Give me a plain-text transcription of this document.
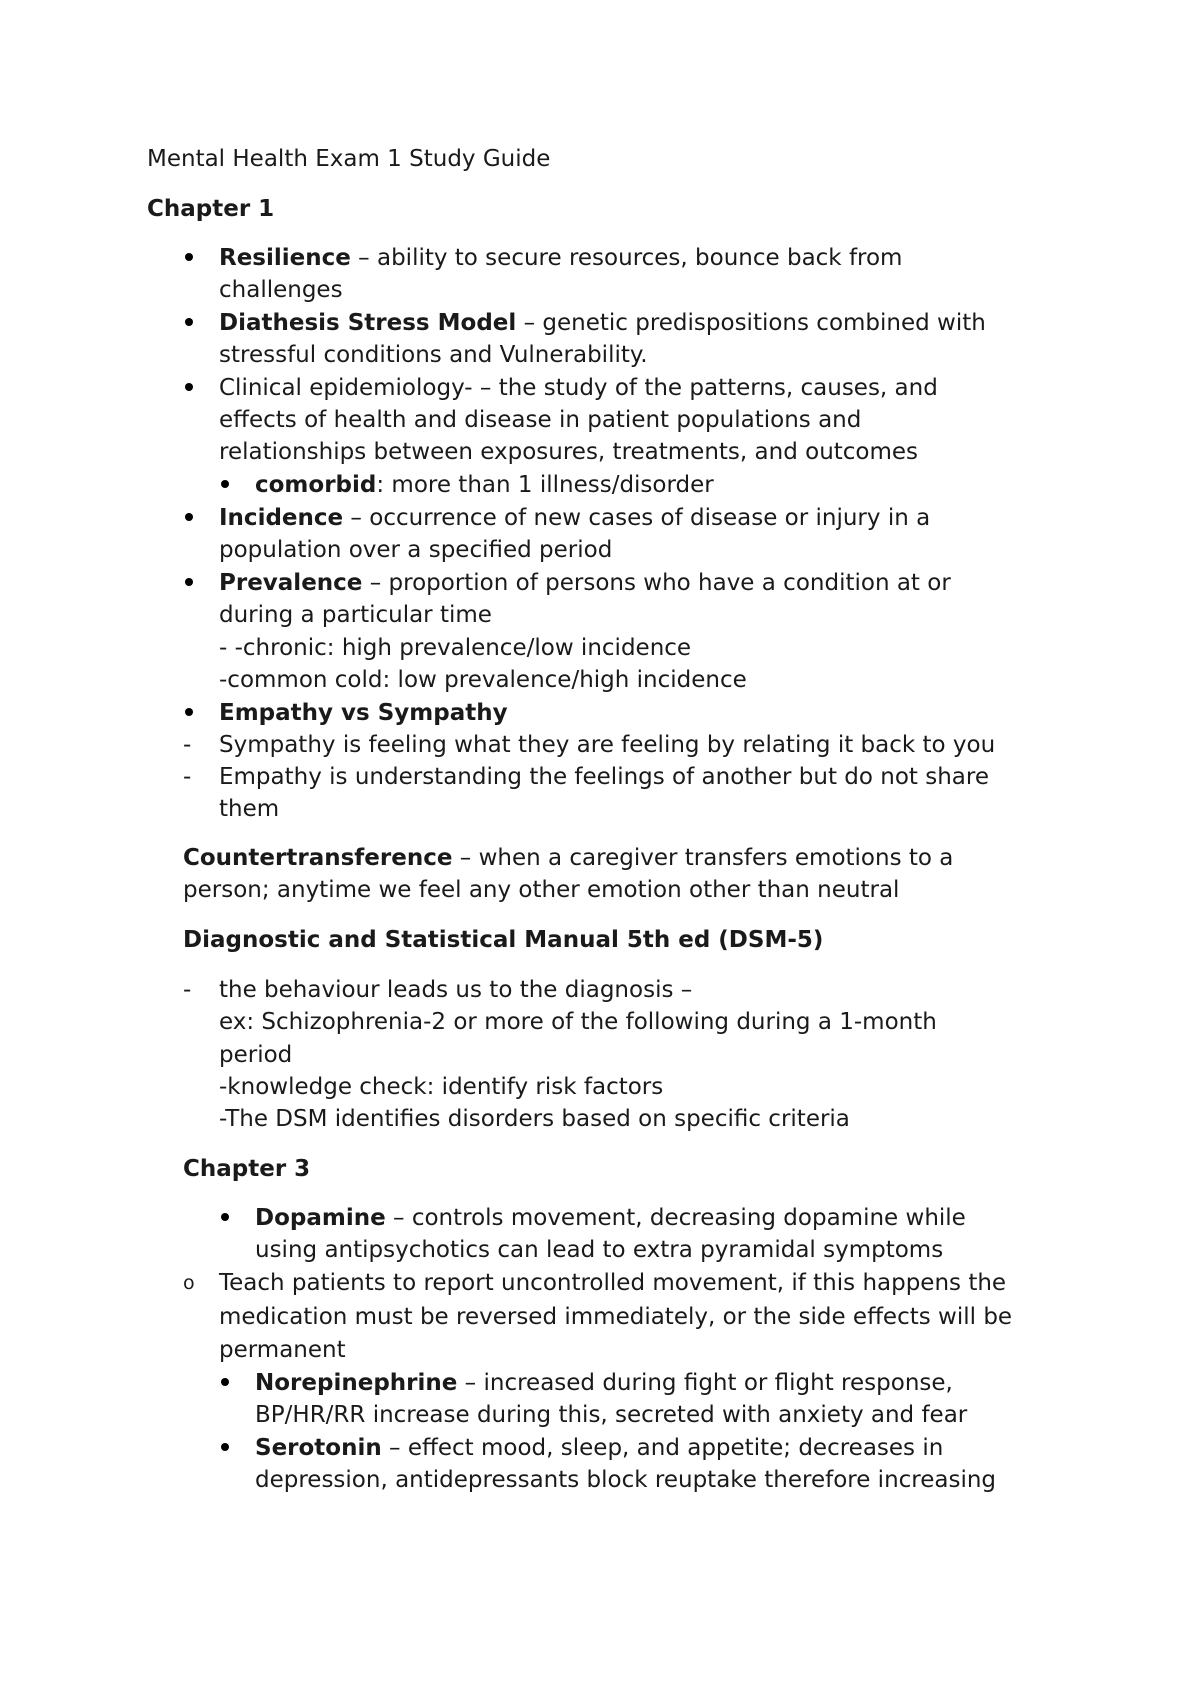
Mental Health Exam 1 Study Guide
Chapter 1
Resilience – ability to secure resources, bounce back from
challenges
Diathesis Stress Model – genetic predispositions combined with
stressful conditions and Vulnerability.
Clinical epidemiology- – the study of the patterns, causes, and
effects of health and disease in patient populations and
relationships between exposures, treatments, and outcomes
comorbid: more than 1 illness/disorder
Incidence – occurrence of new cases of disease or injury in a
population over a specified period
Prevalence – proportion of persons who have a condition at or
during a particular time
- -chronic: high prevalence/low incidence
-common cold: low prevalence/high incidence
Empathy vs Sympathy
- Sympathy is feeling what they are feeling by relating it back to you
- Empathy is understanding the feelings of another but do not share
them
Countertransference – when a caregiver transfers emotions to a
person; anytime we feel any other emotion other than neutral
Diagnostic and Statistical Manual 5th ed (DSM-5)
- the behaviour leads us to the diagnosis –
ex: Schizophrenia-2 or more of the following during a 1-month
period
-knowledge check: identify risk factors
-The DSM identifies disorders based on specific criteria
Chapter 3
Dopamine – controls movement, decreasing dopamine while
using antipsychotics can lead to extra pyramidal symptoms
o Teach patients to report uncontrolled movement, if this happens the
medication must be reversed immediately, or the side effects will be
permanent
Norepinephrine – increased during fight or flight response,
BP/HR/RR increase during this, secreted with anxiety and fear
Serotonin – effect mood, sleep, and appetite; decreases in
depression, antidepressants block reuptake therefore increasing
